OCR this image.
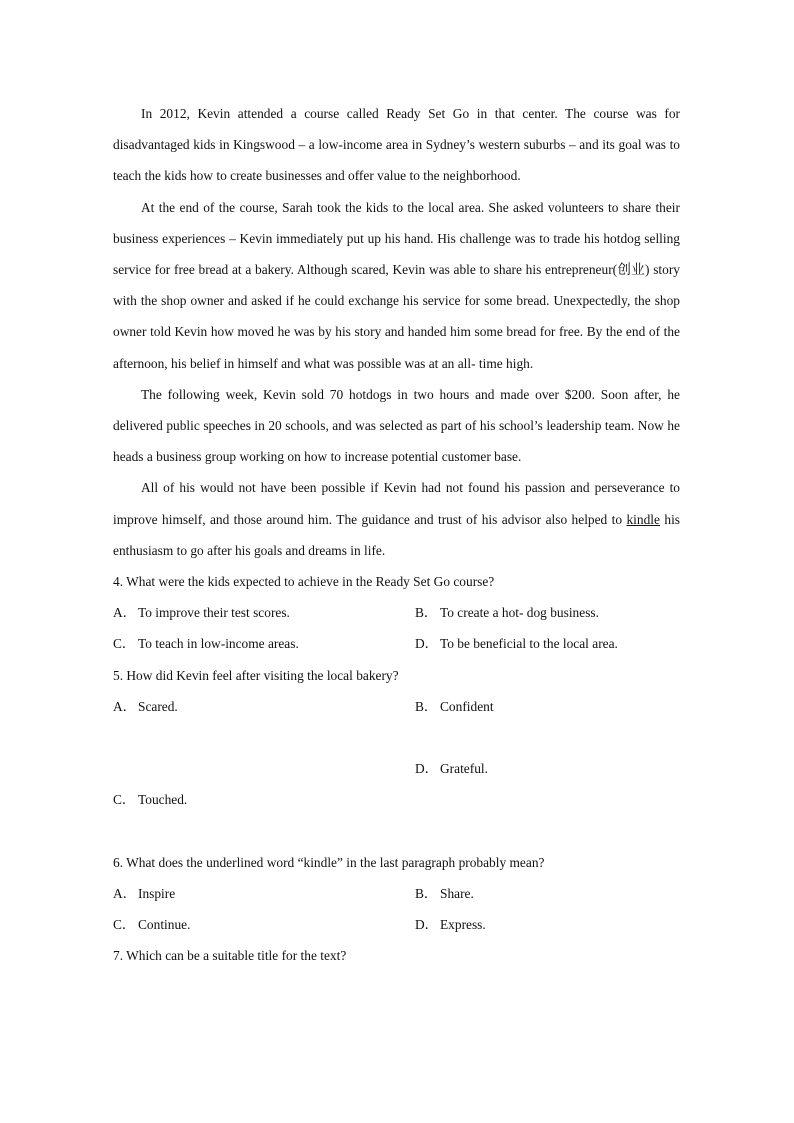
In 2012, Kevin attended a course called Ready Set Go in that center. The course was for disadvantaged kids in Kingswood – a low-income area in Sydney’s western suburbs – and its goal was to teach the kids how to create businesses and offer value to the neighborhood.

At the end of the course, Sarah took the kids to the local area. She asked volunteers to share their business experiences – Kevin immediately put up his hand. His challenge was to trade his hotdog selling service for free bread at a bakery. Although scared, Kevin was able to share his entrepreneur(创业) story with the shop owner and asked if he could exchange his service for some bread. Unexpectedly, the shop owner told Kevin how moved he was by his story and handed him some bread for free. By the end of the afternoon, his belief in himself and what was possible was at an all- time high.

The following week, Kevin sold 70 hotdogs in two hours and made over $200. Soon after, he delivered public speeches in 20 schools, and was selected as part of his school’s leadership team. Now he heads a business group working on how to increase potential customer base.

All of his would not have been possible if Kevin had not found his passion and perseverance to improve himself, and those around him. The guidance and trust of his advisor also helped to kindle his enthusiasm to go after his goals and dreams in life.

4. What were the kids expected to achieve in the Ready Set Go course?

A． To improve their test scores.	B． To create a hot- dog business.
C． To teach in low-income areas.	D． To be beneficial to the local area.

5. How did Kevin feel after visiting the local bakery?

A． Scared.	B． Confident
D． Grateful.
C． Touched.

6. What does the underlined word “kindle” in the last paragraph probably mean?

A． Inspire	B． Share.
C． Continue.	D． Express.

7. Which can be a suitable title for the text?
